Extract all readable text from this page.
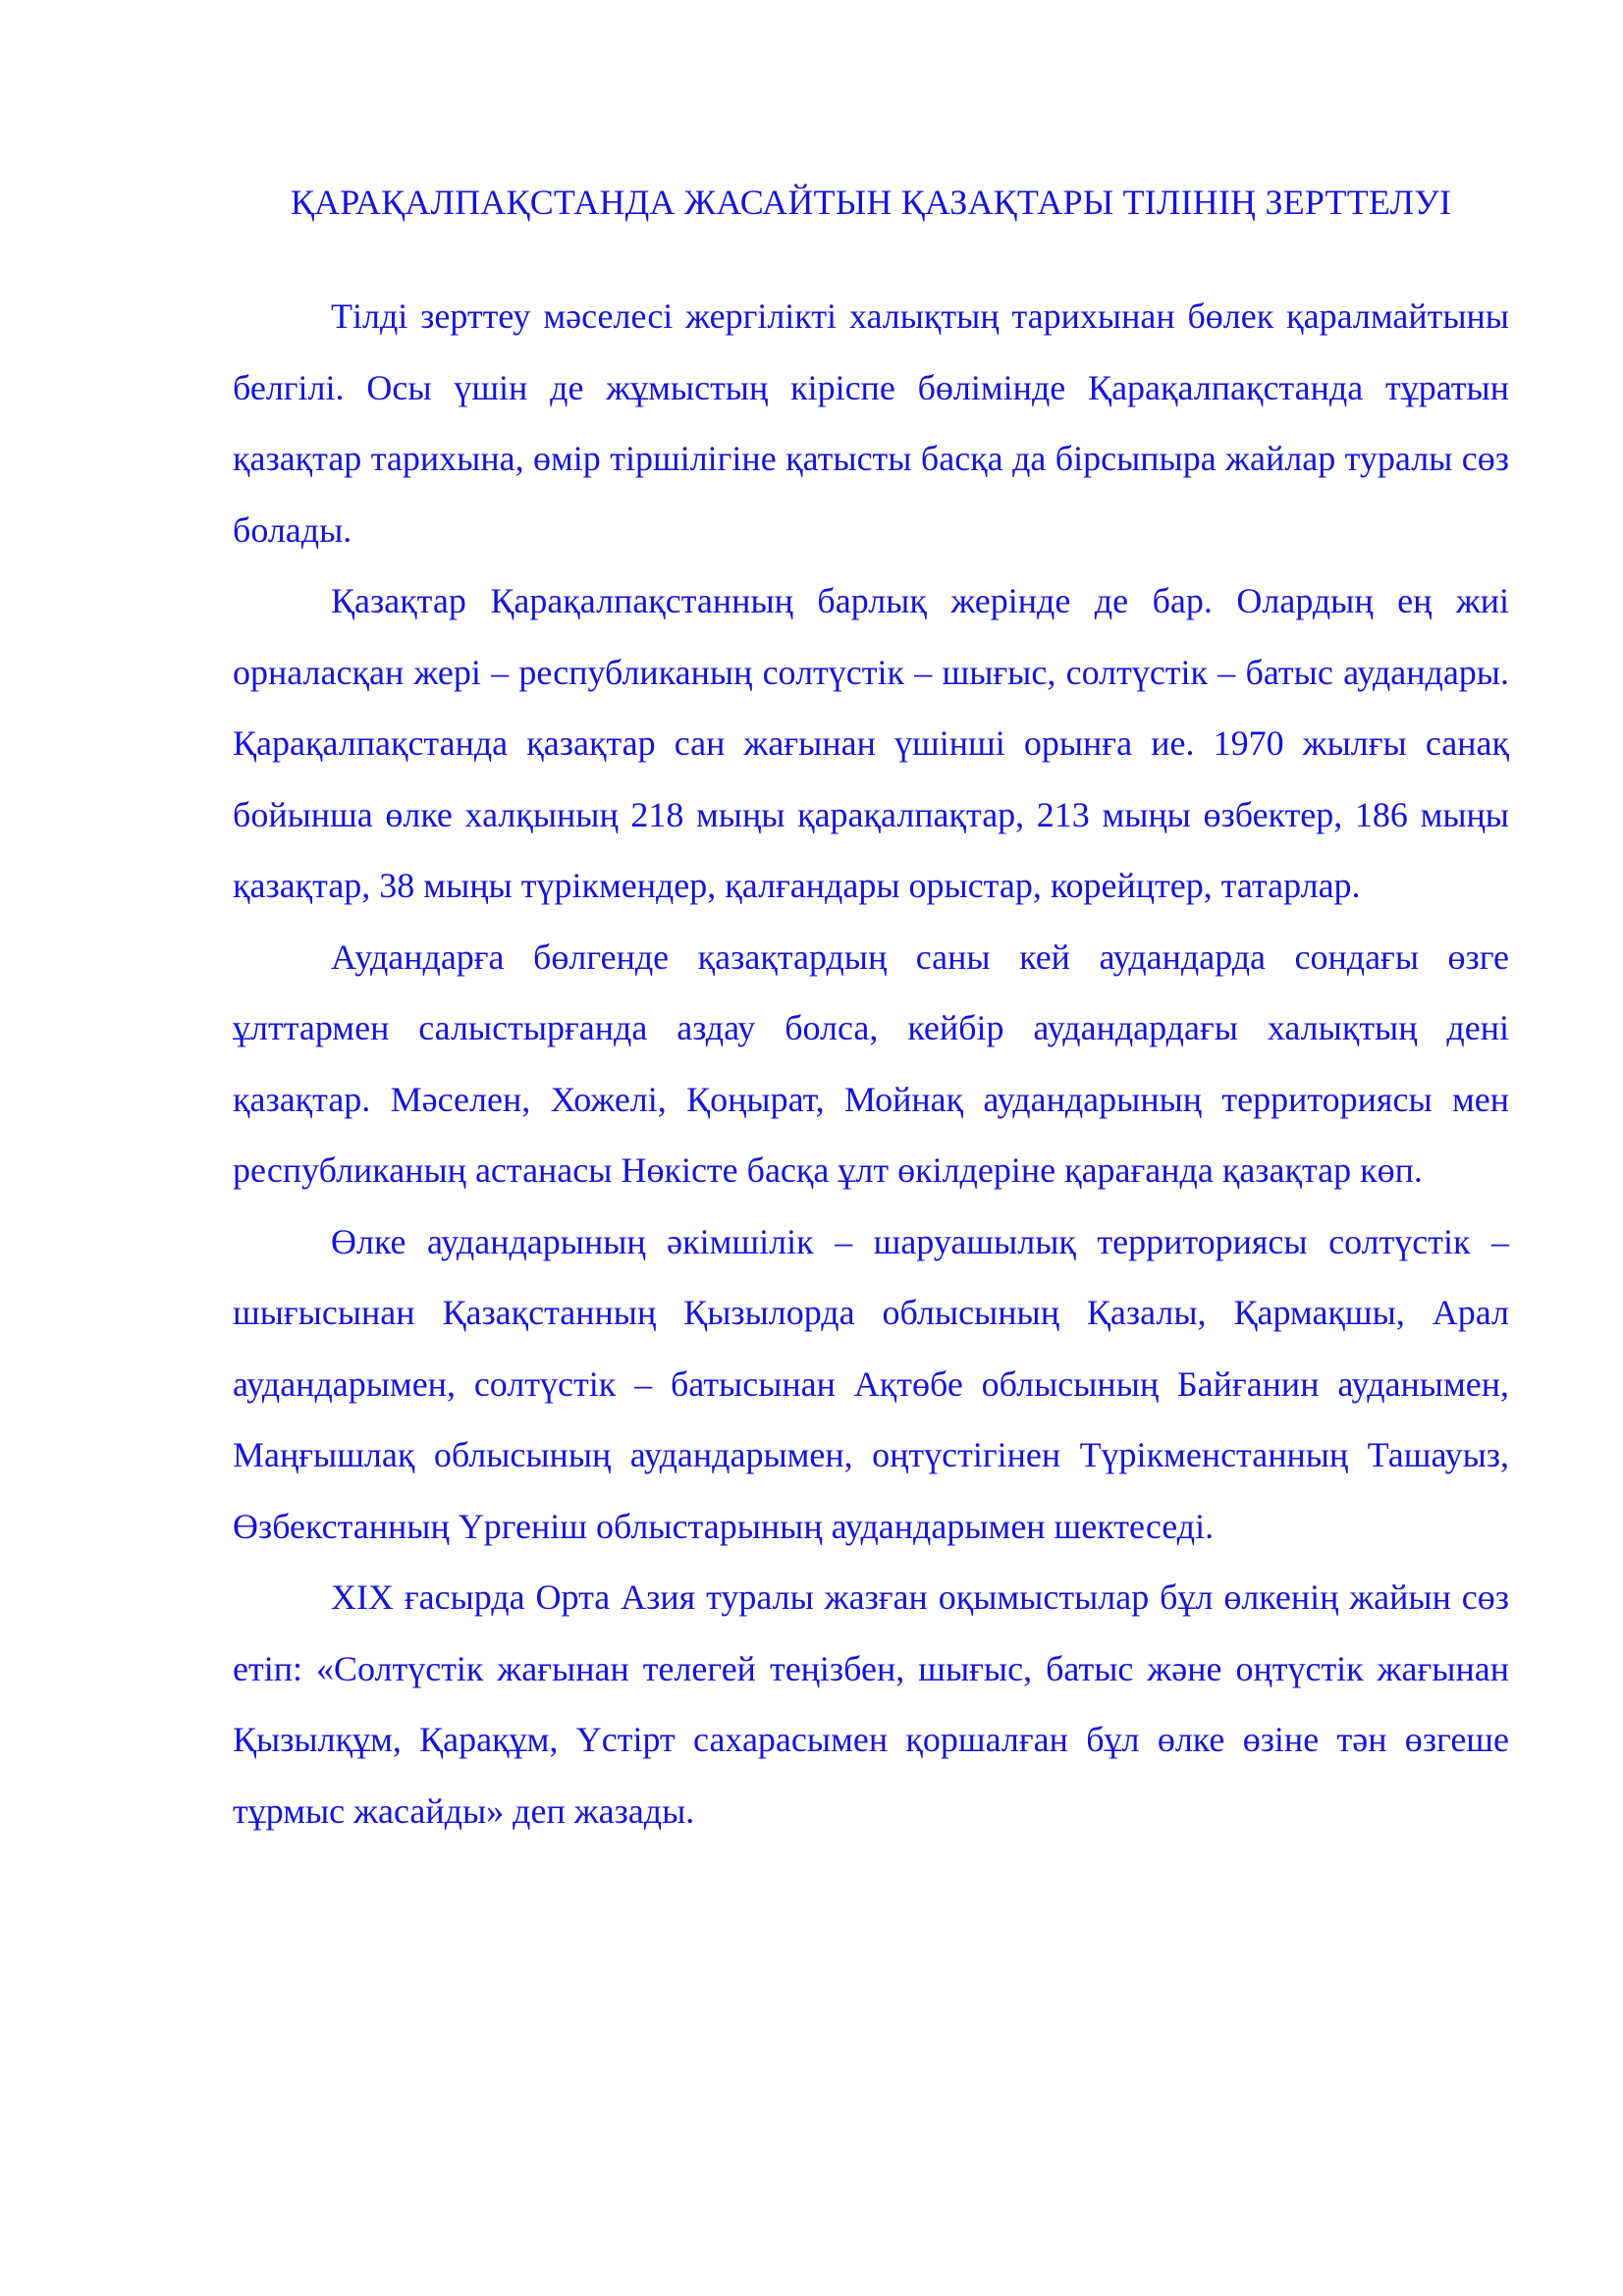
ҚАРАҚАЛПАҚСТАНДА ЖАСАЙТЫН ҚАЗАҚТАРЫ ТІЛІНІҢ ЗЕРТТЕЛУІ

Тілді зерттеу мəселесі жергілікті халықтың тарихынан бөлек қаралмайтыны белгілі. Осы үшін де жұмыстың кіріспе бөлімінде Қарақалпақстанда тұратын қазақтар тарихына, өмір тіршілігіне қатысты басқа да бірсыпыра жайлар туралы сөз болады.

Қазақтар Қарақалпақстанның барлық жерінде де бар. Олардың ең жиі орналасқан жері – республиканың солтүстік – шығыс, солтүстік – батыс аудандары. Қарақалпақстанда қазақтар сан жағынан үшінші орынға ие. 1970 жылғы санақ бойынша өлке халқының 218 мыңы қарақалпақтар, 213 мыңы өзбектер, 186 мыңы қазақтар, 38 мыңы түрікмендер, қалғандары орыстар, корейцтер, татарлар.

Аудандарға бөлгенде қазақтардың саны кей аудандарда сондағы өзге ұлттармен салыстырғанда аздау болса, кейбір аудандардағы халықтың дені қазақтар. Мəселен, Хожелі, Қоңырат, Мойнақ аудандарының территориясы мен республиканың астанасы Нөкісте басқа ұлт өкілдеріне қарағанда қазақтар көп.

Өлке аудандарының əкімшілік – шаруашылық территориясы солтүстік – шығысынан Қазақстанның Қызылорда облысының Қазалы, Қармақшы, Арал аудандарымен, солтүстік – батысынан Ақтөбе облысының Байғанин ауданымен, Маңғышлақ облысының аудандарымен, оңтүстігінен Түрікменстанның Ташауыз, Өзбекстанның Үргеніш облыстарының аудандарымен шектеседі.

XIX ғасырда Орта Азия туралы жазған оқымыстылар бұл өлкенің жайын сөз етіп: «Солтүстік жағынан телегей теңізбен, шығыс, батыс жəне оңтүстік жағынан Қызылқұм, Қарақұм, Үстірт сахарасымен қоршалған бұл өлке өзіне тəн өзгеше тұрмыс жасайды» деп жазады.
